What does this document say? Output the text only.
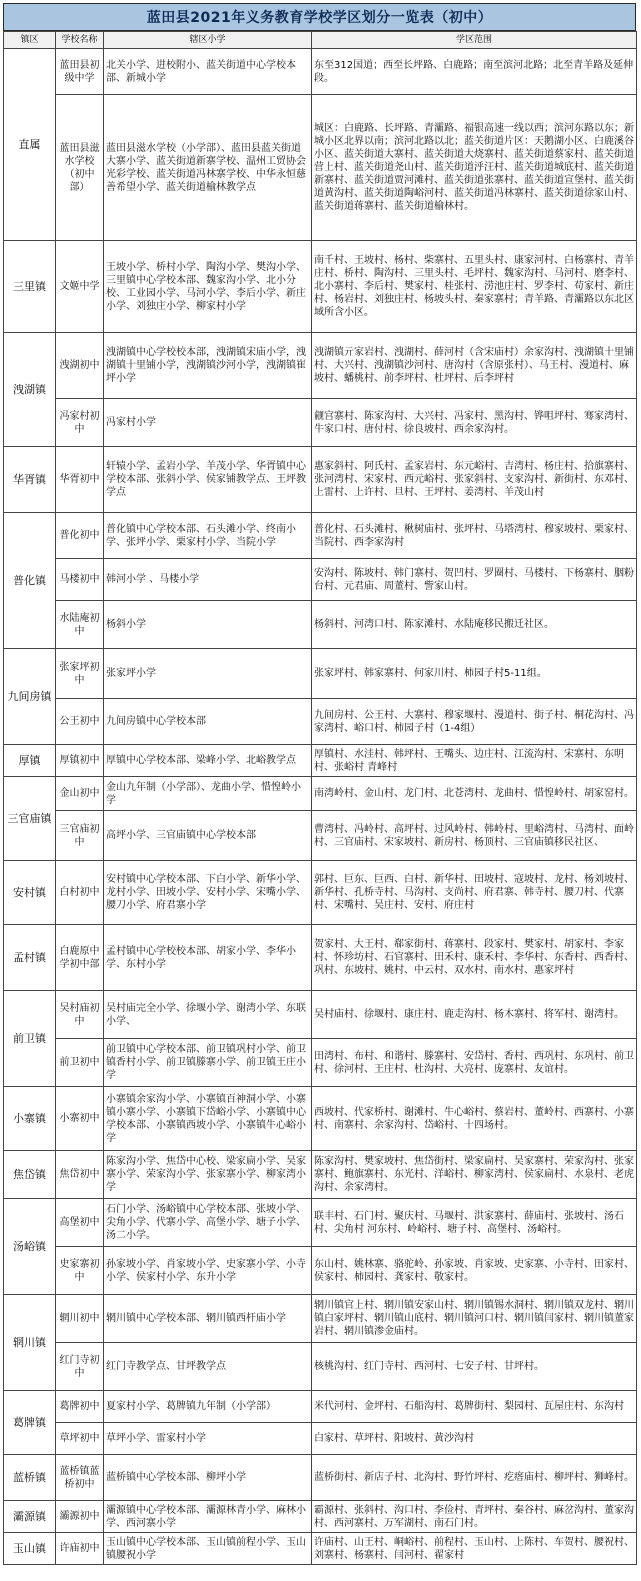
蓝田县2021年义务教育学校学区划分一览表（初中）
镇区	学校名称	辖区小学	学区范围
直属	蓝田县初级中学	北关小学、进校附小、蓝关街道中心学校本部、新城小学	东至312国道；西至长坪路、白鹿路；南至滨河北路；北至青羊路及延伸段。
	蓝田县滋水学校（初中部）	蓝田县滋水学校（小学部）、蓝田县蓝关街道大寨小学、蓝关街道新寨学校、温州工贸协会光彩学校、蓝关街道冯林寨学校、中华永恒慈善希望小学、蓝关街道榆林教学点	城区：白鹿路、长坪路、青灞路、福银高速一线以西；滨河东路以东；新城小区北界以南；滨河北路以北；蓝关街道片区：天鹅湖小区、白鹿溪谷小区、蓝关街道大寨村、蓝关街道大烧寨村、蓝关街道蔡家村、蓝关街道营上村、蓝关街道尧山村、蓝关街道泘汪村、蓝关街道城底村、蓝关街道新寨村、蓝关街道贾河滩村、蓝关街道张寨村、蓝关街道宣堡村、蓝关街道黄沟村、蓝关街道陶峪河村、蓝关街道冯林寨村、蓝关街道徐家山村、蓝关街道蒋寨村、蓝关街道榆林村。
三里镇	文姬中学	王坡小学、桥村小学、陶沟小学、樊沟小学、三里镇中心学校本部、魏家沟小学、北小分校、工业园小学、马河小学、李后小学、新庄小学、刘独庄小学、柳家村小学	南千村、王坡村、杨村、柴寨村、五里头村、康家河村、白杨寨村、青羊庄村、桥村、陶沟村、三里头村、毛坪村、魏家沟村、马河村、磨李村、北小寨村、李后村、樊家村、桂张村、涝池庄村、罗李村、苟家村、新庄村、杨岩村、刘独庄村、杨坡头村、秦家寨村；青羊路、青灞路以东北区域所含小区。
洩湖镇	洩湖初中	洩湖镇中心学校校本部，洩湖镇宋庙小学，洩湖镇十里铺小学，洩湖镇沙河小学，洩湖镇崔坪小学	洩湖镇亓家岩村、洩湖村、薛河村（含宋庙村）余家沟村、洩湖镇十里铺村、大兴村、洩湖镇沙河村、唐沟村（含原张村）、马王村、漫道村、麻坡村、蟠桃村、前李坪村、杜坪村、后李坪村
	冯家村初中	冯家村小学	觎宫寨村、陈家沟村、大兴村、冯家村、黑沟村、铧咀坪村、骞家湾村、牛家口村、唐付村、徐良坡村、西余家沟村。
华胥镇	华胥初中	轩辕小学、孟岩小学、羊茂小学、华胥镇中心学校本部、张斜小学、侯家铺教学点、王坪教学点	惠家斜村、阿氏村、孟家岩村、东元峪村、吉湾村、杨庄村、拾旗寨村、张河湾村、宋家村、西元峪村、张家斜村、支家沟村、新街村、东邓村、上雷村、上许村、旦村、王坪村、姜湾村、羊茂山村
普化镇	普化初中	普化镇中心学校本部、石头滩小学、终南小学、张坪小学、栗家村小学、当院小学	普化村、石头滩村、楸树庙村、张坪村、马塔湾村、穆家坡村、栗家村、当院村、西李家沟村
	马楼初中	韩河小学 、马楼小学	安沟村、陈坡村、韩门寨村、贺凹村、罗圈村、马楼村、下杨寨村、胭粉台村、元君庙、周董村、訾家山村。
	水陆庵初中	杨斜小学	杨斜村、河湾口村、陈家滩村、水陆庵移民搬迁社区。
九间房镇	张家坪初中	张家坪小学	张家坪村、韩家寨村、何家川村、柿园子村5-11组。
	公王初中	九间房镇中心学校本部	九间房村、公王村、大寨村、穆家堰村、漫道村、街子村、桐花沟村、冯家湾村、峪口村、柿园子村（1-4组）
厚镇	厚镇初中	厚镇中心学校本部、梁峰小学、北峪教学点	厚镇村、水洼村、韩坪村、王嘴头、边庄村、江流沟村、宋寨村、东明村、张峪村 青峰村
三官庙镇	金山初中	金山九年制（小学部）、龙曲小学、惜惶岭小学	南湾岭村、金山村、龙门村、北苍湾村、龙曲村、惜惶岭村、胡家窑村。
	三官庙初中	高坪小学、三官庙镇中心学校本部	曹湾村、冯岭村、高坪村、过风岭村、韩岭村、里峪湾村、马湾村、面岭村、三官庙村、宋家坡村、新房村、杨顶村、三官庙镇移民社区、
安村镇	白村初中	安村镇中心学校本部、下白小学、新华小学、龙村小学、田坡小学、安村小学、宋嘴小学、腰刀小学、府君寨小学	郭村、巨东、巨西、白村、新华村、田坡村、寇坡村、龙村、杨刘坡村、新华村、孔桥寺村、马沟村、支尚村、府君寨、韩寺村、腰刀村、代寨村、宋嘴村、吴庄村、安村、府庄村
孟村镇	白鹿原中学初中部	孟村镇中心学校校本部、胡家小学、李华小学、东村小学	贺家村、大王村、郗家街村、蒋寨村、段家村、樊家村、胡家村、李家村、怀珍坊村、石官寨村、田禾村、康禾村、李华村、东香村、西香村、巩村、东坡村、姚村、中云村、双水村、南水村、惠家坪村
前卫镇	吴村庙初中	吴村庙完全小学、徐堰小学、谢湾小学、东联小学、	吴村庙村、徐堰村、康庄村、鹿走沟村、杨木寨村、将军村、谢湾村。
	前卫初中	前卫镇中心学校本部、前卫镇巩村小学、前卫镇香村小学、前卫镇滕寨小学、前卫镇王庄小学	田湾村、布村、和谐村、滕寨村、安岱村、香村、西巩村、东巩村、前卫村、徐河村、王庄村、杜沟村、大亮村、庞寨村、友谊村。
小寨镇	小寨初中	小寨镇余家沟小学、小寨镇百神洞小学、小寨镇小寨小学、小寨镇下岱峪小学、小寨镇中心学校本部、小寨镇西坡小学、小寨镇牛心峪小学	西坡村、代家桥村、谢滩村、牛心峪村、蔡岩村、董岭村、西寨村、小寨村、南寨村、余家沟村、岱峪村、十四场村。
焦岱镇	焦岱初中	陈家沟小学、焦岱中心校、梁家扁小学、吴家寨小学、荣家沟小学、张家寨小学、柳家湾小学	陈家沟村、樊家坡村、焦岱街村、梁家扁村、吴家寨村、荣家沟村、张家寨村、鲍旗寨村、东光村、洋峪村、柳家湾村、侯家扁村、水泉村、老虎沟村、余家湾村。
汤峪镇	高堡初中	石门小学、汤峪镇中心学校本部、张坡小学、尖角小学、代寨小学、高堡小学、塘子小学、汤二小学。	联丰村、石门村、聚庆村、马堰村、洪家寨村、薛庙村、张坡村、汤石村、尖角村 河东村、岭峪村、塘子村、高堡村、汤峪村。
	史家寨初中	孙家坡小学、肖家坡小学、史家寨小学、小寺小学、侯家村小学、东升小学	东山村、姚林寨、骆驼岭、孙家坡、肖家坡、史家寨、小寺村、田家村、侯家村、柿园村、龚家村、敬家村。
辋川镇	辋川初中	辋川镇中心学校本部、辋川镇西杆庙小学	辋川镇官上村、辋川镇安家山村、辋川镇锡水洞村、辋川镇双龙村、辋川镇白家坪村、辋川镇山底村、辋川镇河口村、辋川镇闫家村、辋川镇董家岩村、辋川镇渗金庙村。
	红门寺初中	红门寺教学点、甘坪教学点	核桃沟村、红门寺村、西河村、七安子村、甘坪村。
葛牌镇	葛牌初中	夏家村小学、葛牌镇九年制（小学部）	米代河村、金坪村、石船沟村、葛牌街村、梨园村、瓦屋庄村、东沟村
	草坪初中	草坪小学、雷家村小学	白家村、草坪村、阳坡村、黄沙沟村
蓝桥镇	蓝桥镇蓝桥初中	蓝桥镇中心学校本部、柳坪小学	蓝桥街村、新店子村、北沟村、野竹坪村、疙瘩庙村、柳坪村、狮峰村。
灞源镇	灞源初中	灞源镇中心学校本部、灞源林青小学、麻林小学、西河寨小学	霸源村、张斜村、沟口村、李俭村、青坪村、秦谷村、麻岔沟村、董家沟村、西河寨村、万军湖村、南石门村。
玉山镇	许庙初中	玉山镇中心学校本部、玉山镇前程小学、玉山镇腰祝小学	许庙村、山王村、峒峪村、前程村、玉山村、上陈村、车贺村、腰祝村、刘寨村、杨寨村、闫河村、翟家村
